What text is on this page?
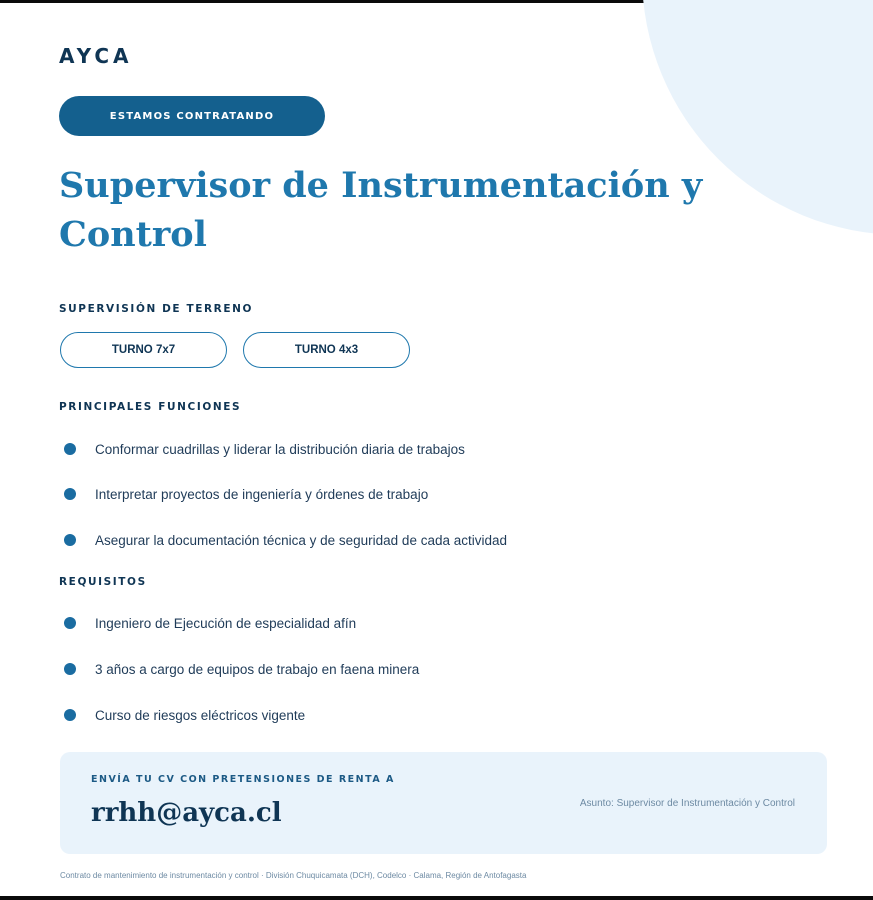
AYCA
ESTAMOS CONTRATANDO
Supervisor de Instrumentación y Control
SUPERVISIÓN DE TERRENO
TURNO 7x7	TURNO 4x3
PRINCIPALES FUNCIONES
Conformar cuadrillas y liderar la distribución diaria de trabajos
Interpretar proyectos de ingeniería y órdenes de trabajo
Asegurar la documentación técnica y de seguridad de cada actividad
REQUISITOS
Ingeniero de Ejecución de especialidad afín
3 años a cargo de equipos de trabajo en faena minera
Curso de riesgos eléctricos vigente
ENVÍA TU CV CON PRETENSIONES DE RENTA A
rrhh@ayca.cl	Asunto: Supervisor de Instrumentación y Control
Contrato de mantenimiento de instrumentación y control · División Chuquicamata (DCH), Codelco · Calama, Región de Antofagasta
